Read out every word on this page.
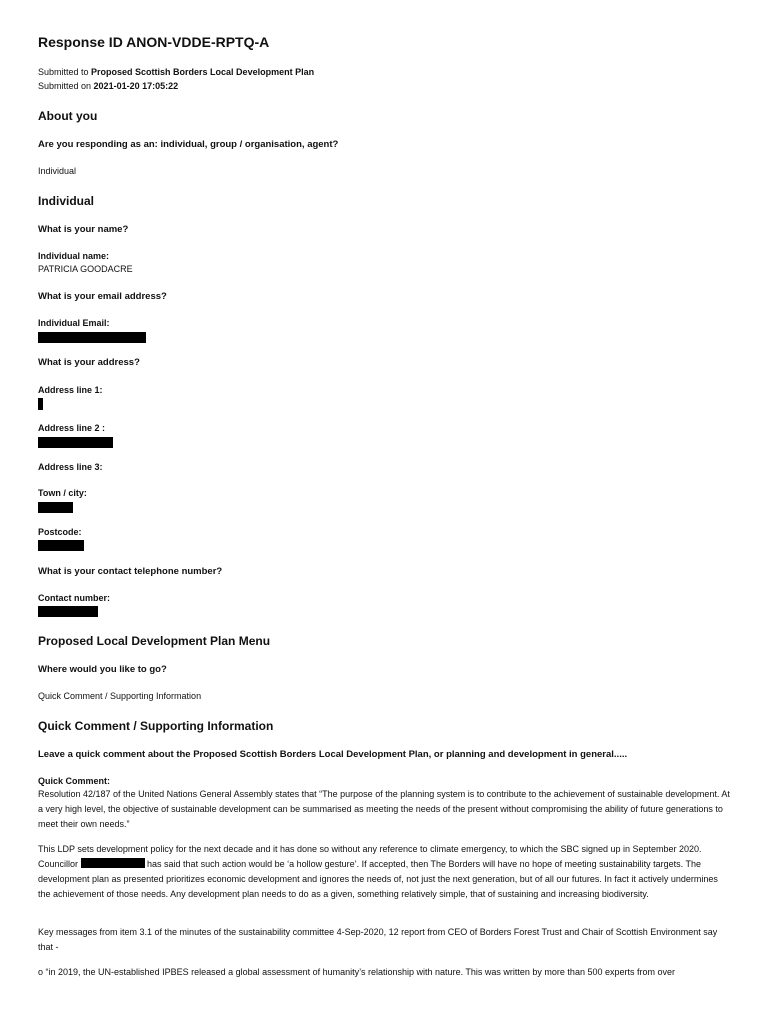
Response ID ANON-VDDE-RPTQ-A
Submitted to Proposed Scottish Borders Local Development Plan
Submitted on 2021-01-20 17:05:22
About you
Are you responding as an: individual, group / organisation, agent?
Individual
Individual
What is your name?
Individual name:
PATRICIA GOODACRE
What is your email address?
Individual Email:
What is your address?
Address line 1:
Address line 2 :
Address line 3:
Town / city:
Postcode:
What is your contact telephone number?
Contact number:
Proposed Local Development Plan Menu
Where would you like to go?
Quick Comment / Supporting Information
Quick Comment / Supporting Information
Leave a quick comment about the Proposed Scottish Borders Local Development Plan, or planning and development in general.....
Quick Comment:
Resolution 42/187 of the United Nations General Assembly states that “The purpose of the planning system is to contribute to the achievement of sustainable development. At a very high level, the objective of sustainable development can be summarised as meeting the needs of the present without compromising the ability of future generations to meet their own needs.”
This LDP sets development policy for the next decade and it has done so without any reference to climate emergency, to which the SBC signed up in September 2020. Councillor	has said that such action would be ‘a hollow gesture’. If accepted, then The Borders will have no hope of meeting sustainability targets. The development plan as presented prioritizes economic development and ignores the needs of, not just the next generation, but of all our futures. In fact it actively undermines the achievement of those needs. Any development plan needs to do as a given, something relatively simple, that of sustaining and increasing biodiversity.
Key messages from item 3.1 of the minutes of the sustainability committee 4-Sep-2020, 12 report from CEO of Borders Forest Trust and Chair of Scottish Environment say that -
o “in 2019, the UN-established IPBES released a global assessment of humanity’s relationship with nature. This was written by more than 500 experts from over
